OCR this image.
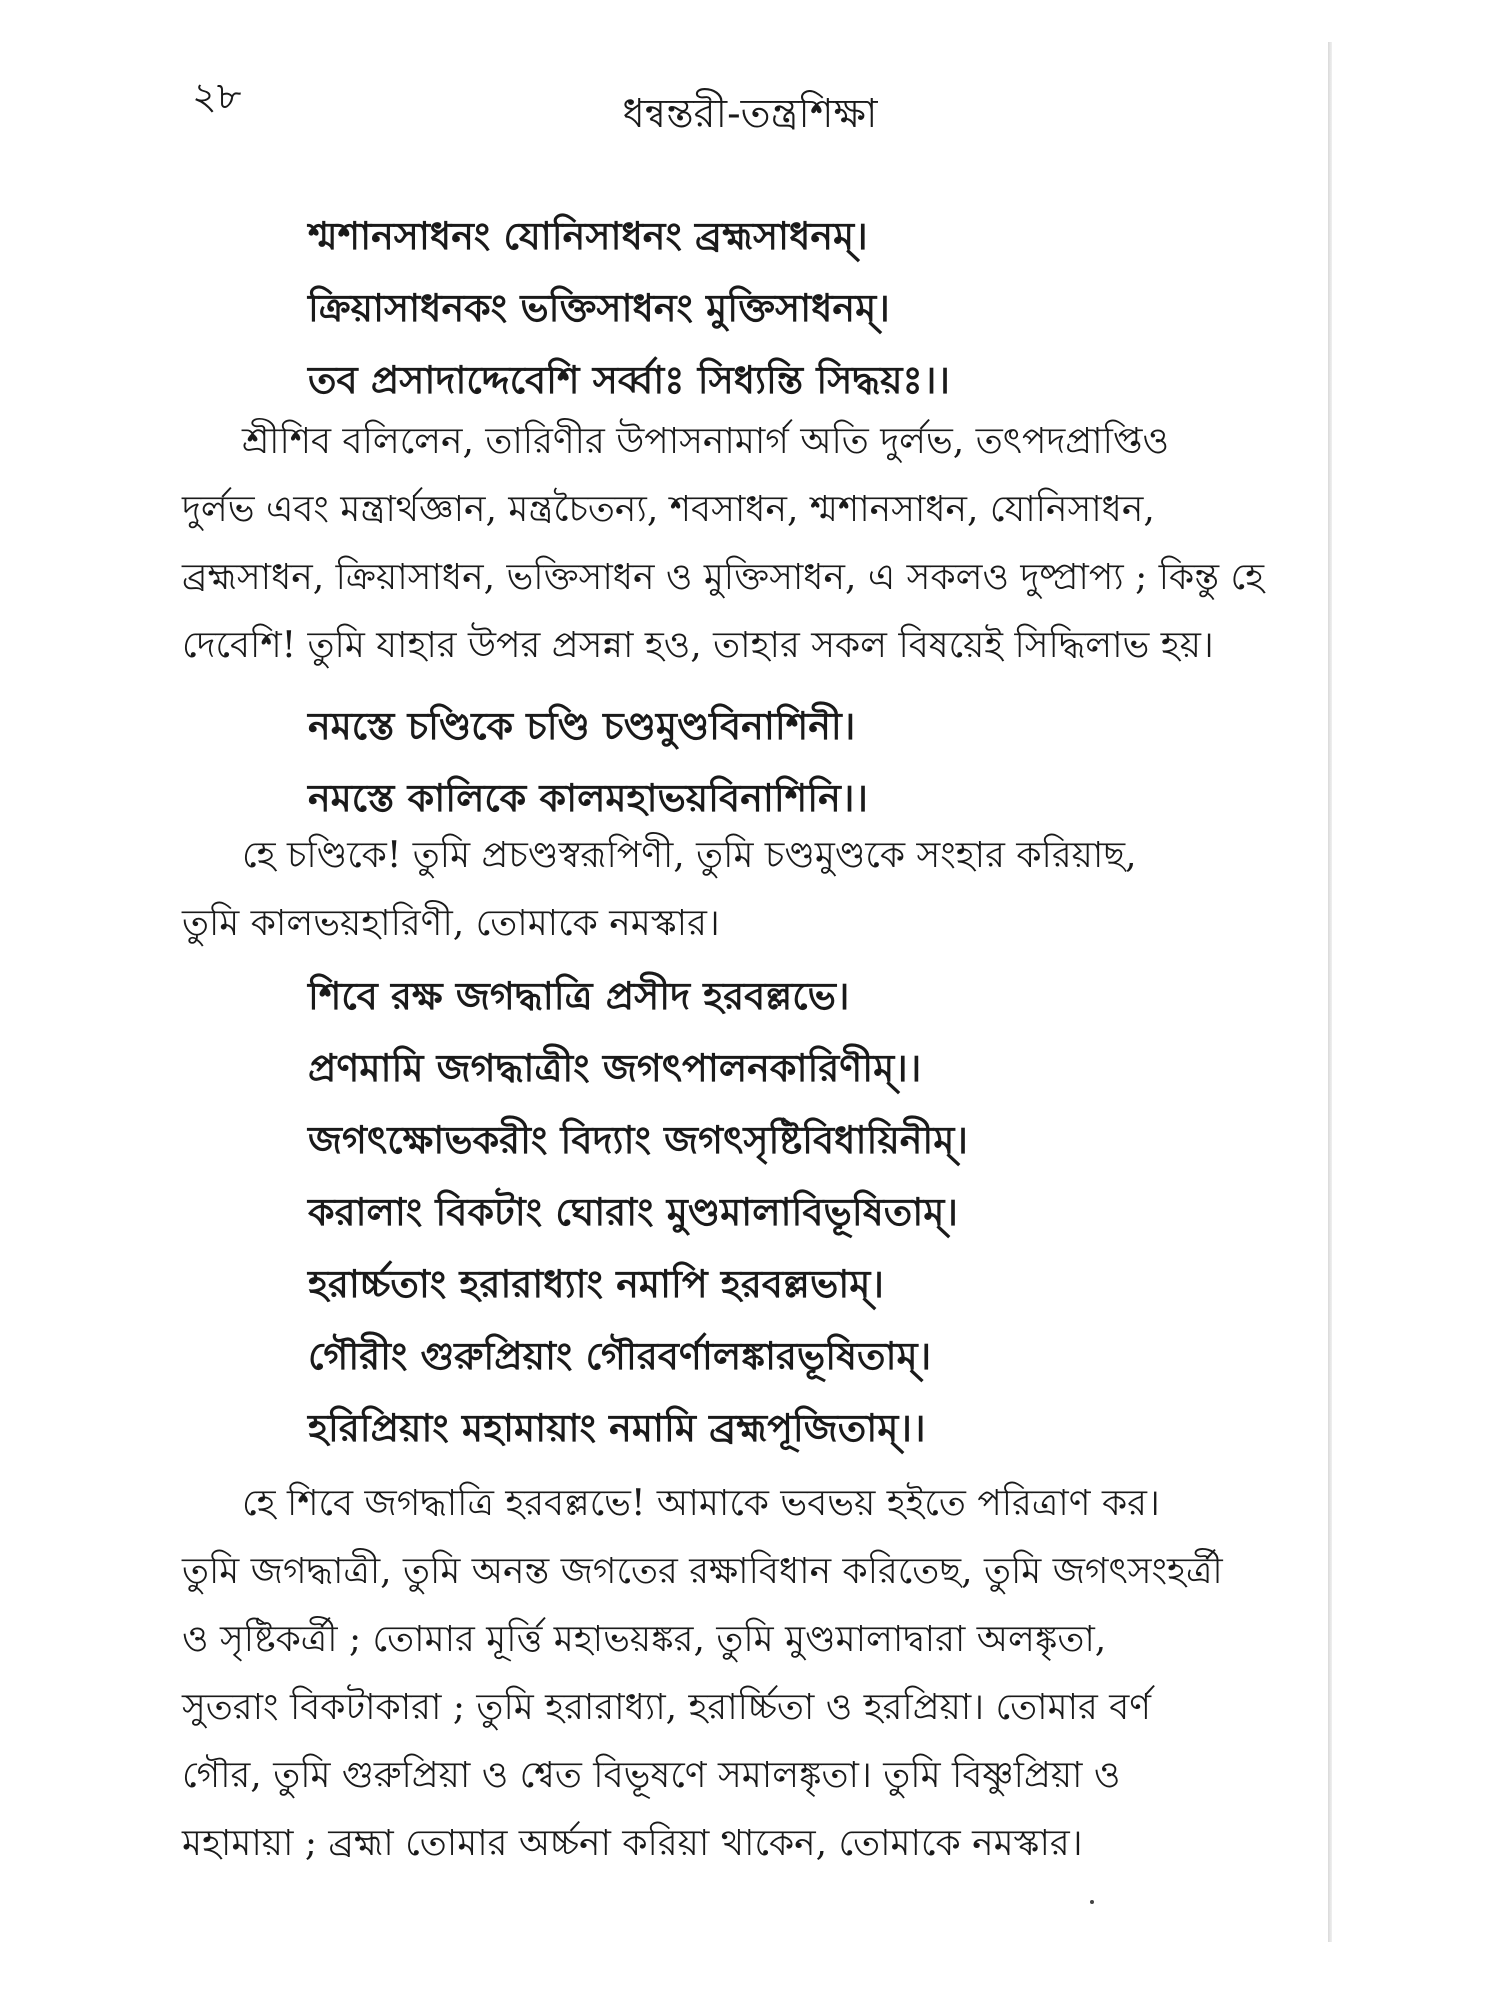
২৮	ধন্বন্তরী-তন্ত্রশিক্ষা
শ্মশানসাধনং যোনিসাধনং ব্রহ্মসাধনম্।
ক্রিয়াসাধনকং ভক্তিসাধনং মুক্তিসাধনম্।
তব প্রসাদাদ্দেবেশি সর্ব্বাঃ সিধ্যন্তি সিদ্ধয়ঃ।।
শ্রীশিব বলিলেন, তারিণীর উপাসনামার্গ অতি দুর্লভ, তৎপদপ্রাপ্তিও
দুর্লভ এবং মন্ত্রার্থজ্ঞান, মন্ত্রচৈতন্য, শবসাধন, শ্মশানসাধন, যোনিসাধন,
ব্রহ্মসাধন, ক্রিয়াসাধন, ভক্তিসাধন ও মুক্তিসাধন, এ সকলও দুষ্প্রাপ্য ; কিন্তু হে
দেবেশি! তুমি যাহার উপর প্রসন্না হও, তাহার সকল বিষয়েই সিদ্ধিলাভ হয়।
নমস্তে চণ্ডিকে চণ্ডি চণ্ডমুণ্ডবিনাশিনী।
নমস্তে কালিকে কালমহাভয়বিনাশিনি।।
হে চণ্ডিকে! তুমি প্রচণ্ডস্বরূপিণী, তুমি চণ্ডমুণ্ডকে সংহার করিয়াছ,
তুমি কালভয়হারিণী, তোমাকে নমস্কার।
শিবে রক্ষ জগদ্ধাত্রি প্রসীদ হরবল্লভে।
প্রণমামি জগদ্ধাত্রীং জগৎপালনকারিণীম্।।
জগৎক্ষোভকরীং বিদ্যাং জগৎসৃষ্টিবিধায়িনীম্।
করালাং বিকটাং ঘোরাং মুণ্ডমালাবিভূষিতাম্।
হরার্চ্চতাং হরারাধ্যাং নমাপি হরবল্লভাম্।
গৌরীং গুরুপ্রিয়াং গৌরবর্ণালঙ্কারভূষিতাম্।
হরিপ্রিয়াং মহামায়াং নমামি ব্রহ্মপূজিতাম্।।
হে শিবে জগদ্ধাত্রি হরবল্লভে! আমাকে ভবভয় হইতে পরিত্রাণ কর।
তুমি জগদ্ধাত্রী, তুমি অনন্ত জগতের রক্ষাবিধান করিতেছ, তুমি জগৎসংহর্ত্রী
ও সৃষ্টিকর্ত্রী ; তোমার মূর্ত্তি মহাভয়ঙ্কর, তুমি মুণ্ডমালাদ্বারা অলঙ্কৃতা,
সুতরাং বিকটাকারা ; তুমি হরারাধ্যা, হরার্চ্চিতা ও হরপ্রিয়া। তোমার বর্ণ
গৌর, তুমি গুরুপ্রিয়া ও শ্বেত বিভূষণে সমালঙ্কৃতা। তুমি বিষ্ণুপ্রিয়া ও
মহামায়া ; ব্রহ্মা তোমার অর্চ্চনা করিয়া থাকেন, তোমাকে নমস্কার।
